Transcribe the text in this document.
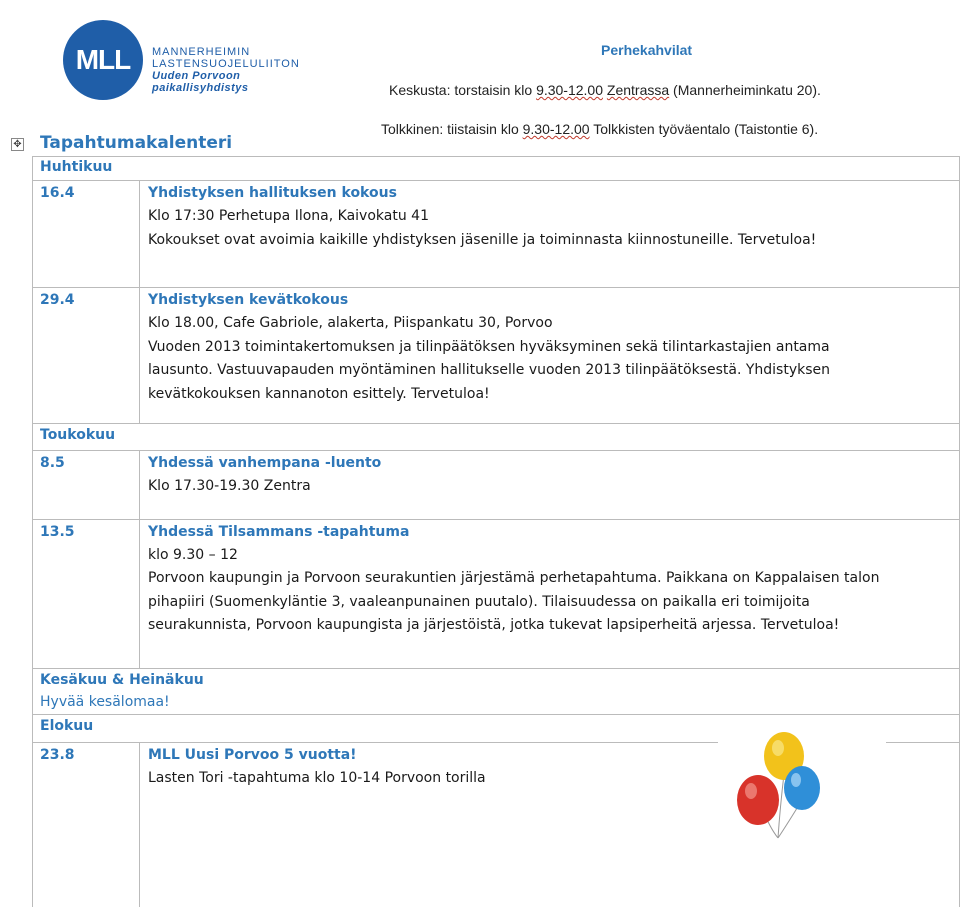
MLL MANNERHEIMIN
LASTENSUOJELULIITON
Uuden Porvoon
paikallisyhdistys
Perhekahvilat
Keskusta: torstaisin klo 9.30-12.00 Zentrassa (Mannerheiminkatu 20).
Tolkkinen: tiistaisin klo 9.30-12.00 Tolkkisten työväentalo (Taistontie 6).
✥ Tapahtumakalenteri
Huhtikuu
16.4	Yhdistyksen hallituksen kokous
Klo 17:30 Perhetupa Ilona, Kaivokatu 41
Kokoukset ovat avoimia kaikille yhdistyksen jäsenille ja toiminnasta kiinnostuneille. Tervetuloa!
29.4	Yhdistyksen kevätkokous
Klo 18.00, Cafe Gabriole, alakerta, Piispankatu 30, Porvoo
Vuoden 2013 toimintakertomuksen ja tilinpäätöksen hyväksyminen sekä tilintarkastajien antama
lausunto. Vastuuvapauden myöntäminen hallitukselle vuoden 2013 tilinpäätöksestä. Yhdistyksen
kevätkokouksen kannanoton esittely. Tervetuloa!
Toukokuu
8.5	Yhdessä vanhempana -luento
Klo 17.30-19.30 Zentra
13.5	Yhdessä Tilsammans -tapahtuma
klo 9.30 – 12
Porvoon kaupungin ja Porvoon seurakuntien järjestämä perhetapahtuma. Paikkana on Kappalaisen talon
pihapiiri (Suomenkyläntie 3, vaaleanpunainen puutalo). Tilaisuudessa on paikalla eri toimijoita
seurakunnista, Porvoon kaupungista ja järjestöistä, jotka tukevat lapsiperheitä arjessa. Tervetuloa!
Kesäkuu & Heinäkuu
Hyvää kesälomaa!
Elokuu
23.8	MLL Uusi Porvoo 5 vuotta!
Lasten Tori -tapahtuma klo 10-14 Porvoon torilla
